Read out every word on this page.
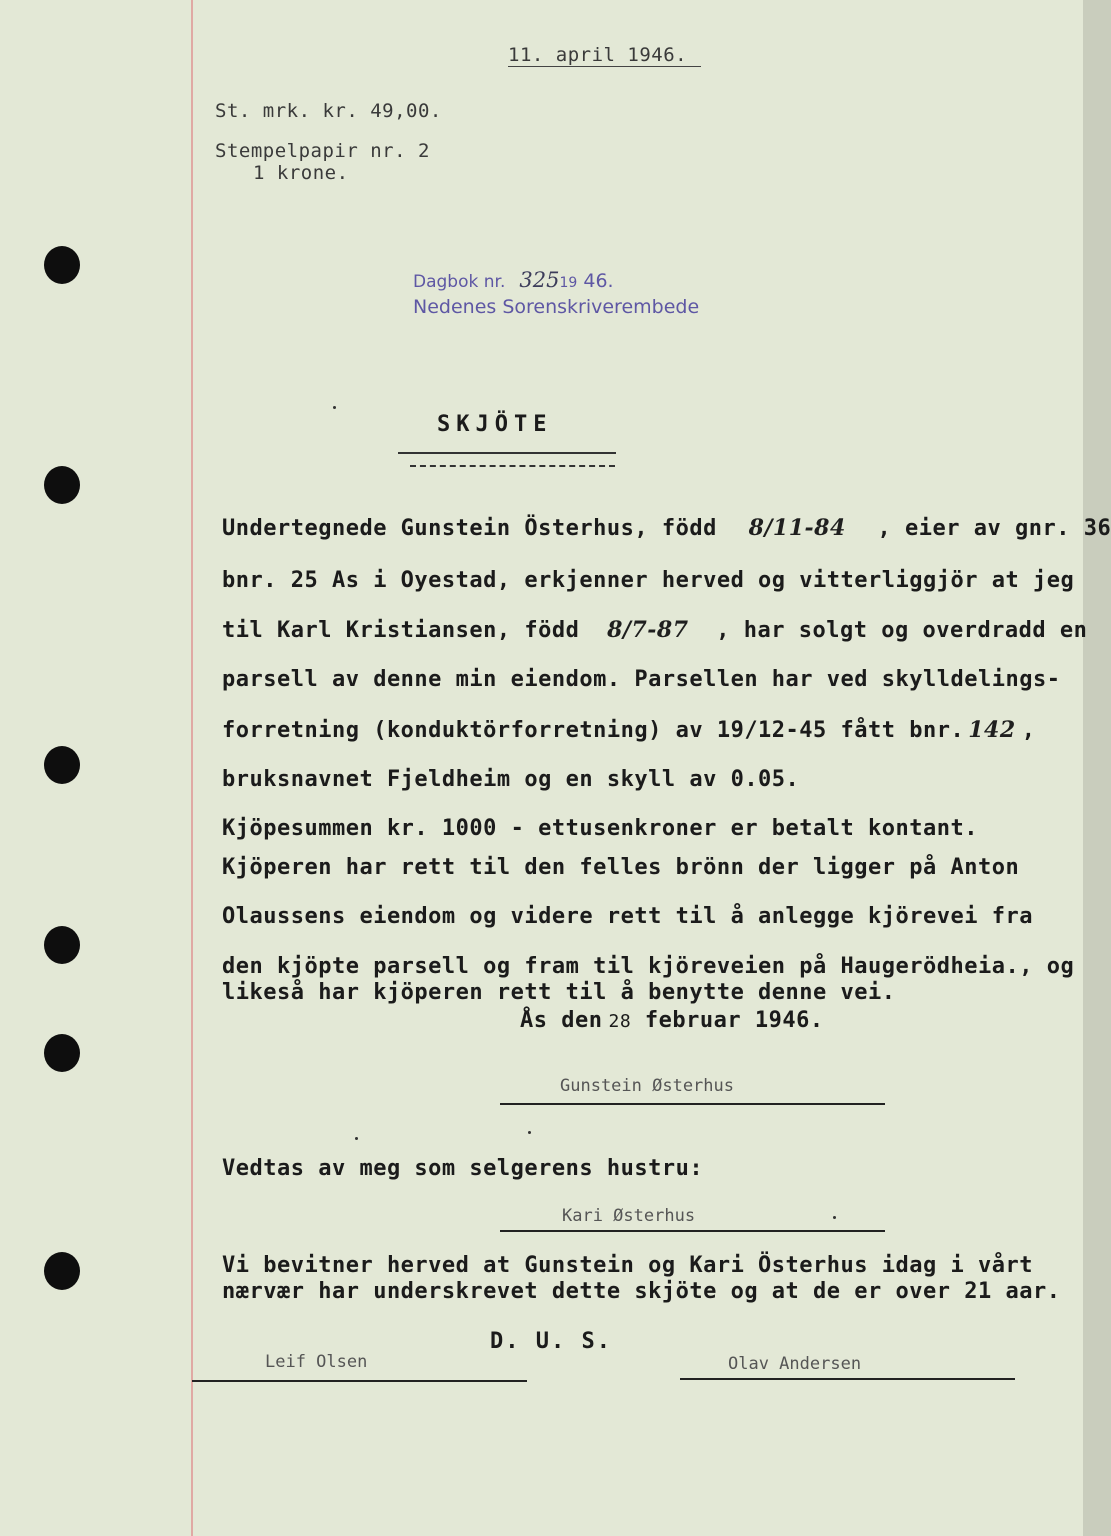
11. april 1946.
St. mrk. kr. 49,00.
Stempelpapir nr. 2
1 krone.
Dagbok nr. 32519 46.
Nedenes Sorenskriverembede
SKJÖTE
Undertegnede Gunstein Österhus, född 8/11-84 , eier av gnr. 36
bnr. 25 As i Oyestad, erkjenner herved og vitterliggjör at jeg
til Karl Kristiansen, född 8/7-87 , har solgt og overdradd en
parsell av denne min eiendom. Parsellen har ved skylldelings-
forretning (konduktörforretning) av 19/12-45 fått bnr. 142 ,
bruksnavnet Fjeldheim og en skyll av 0.05.
Kjöpesummen kr. 1000 - ettusenkroner er betalt kontant.
Kjöperen har rett til den felles brönn der ligger på Anton
Olaussens eiendom og videre rett til å anlegge kjörevei fra
den kjöpte parsell og fram til kjöreveien på Haugerödheia., og
likeså har kjöperen rett til å benytte denne vei.
Ås den 28 februar 1946.
Gunstein Østerhus
Vedtas av meg som selgerens hustru:
Kari Østerhus
Vi bevitner herved at Gunstein og Kari Österhus idag i vårt
nærvær har underskrevet dette skjöte og at de er over 21 aar.
D. U. S.
Leif Olsen	Olav Andersen
